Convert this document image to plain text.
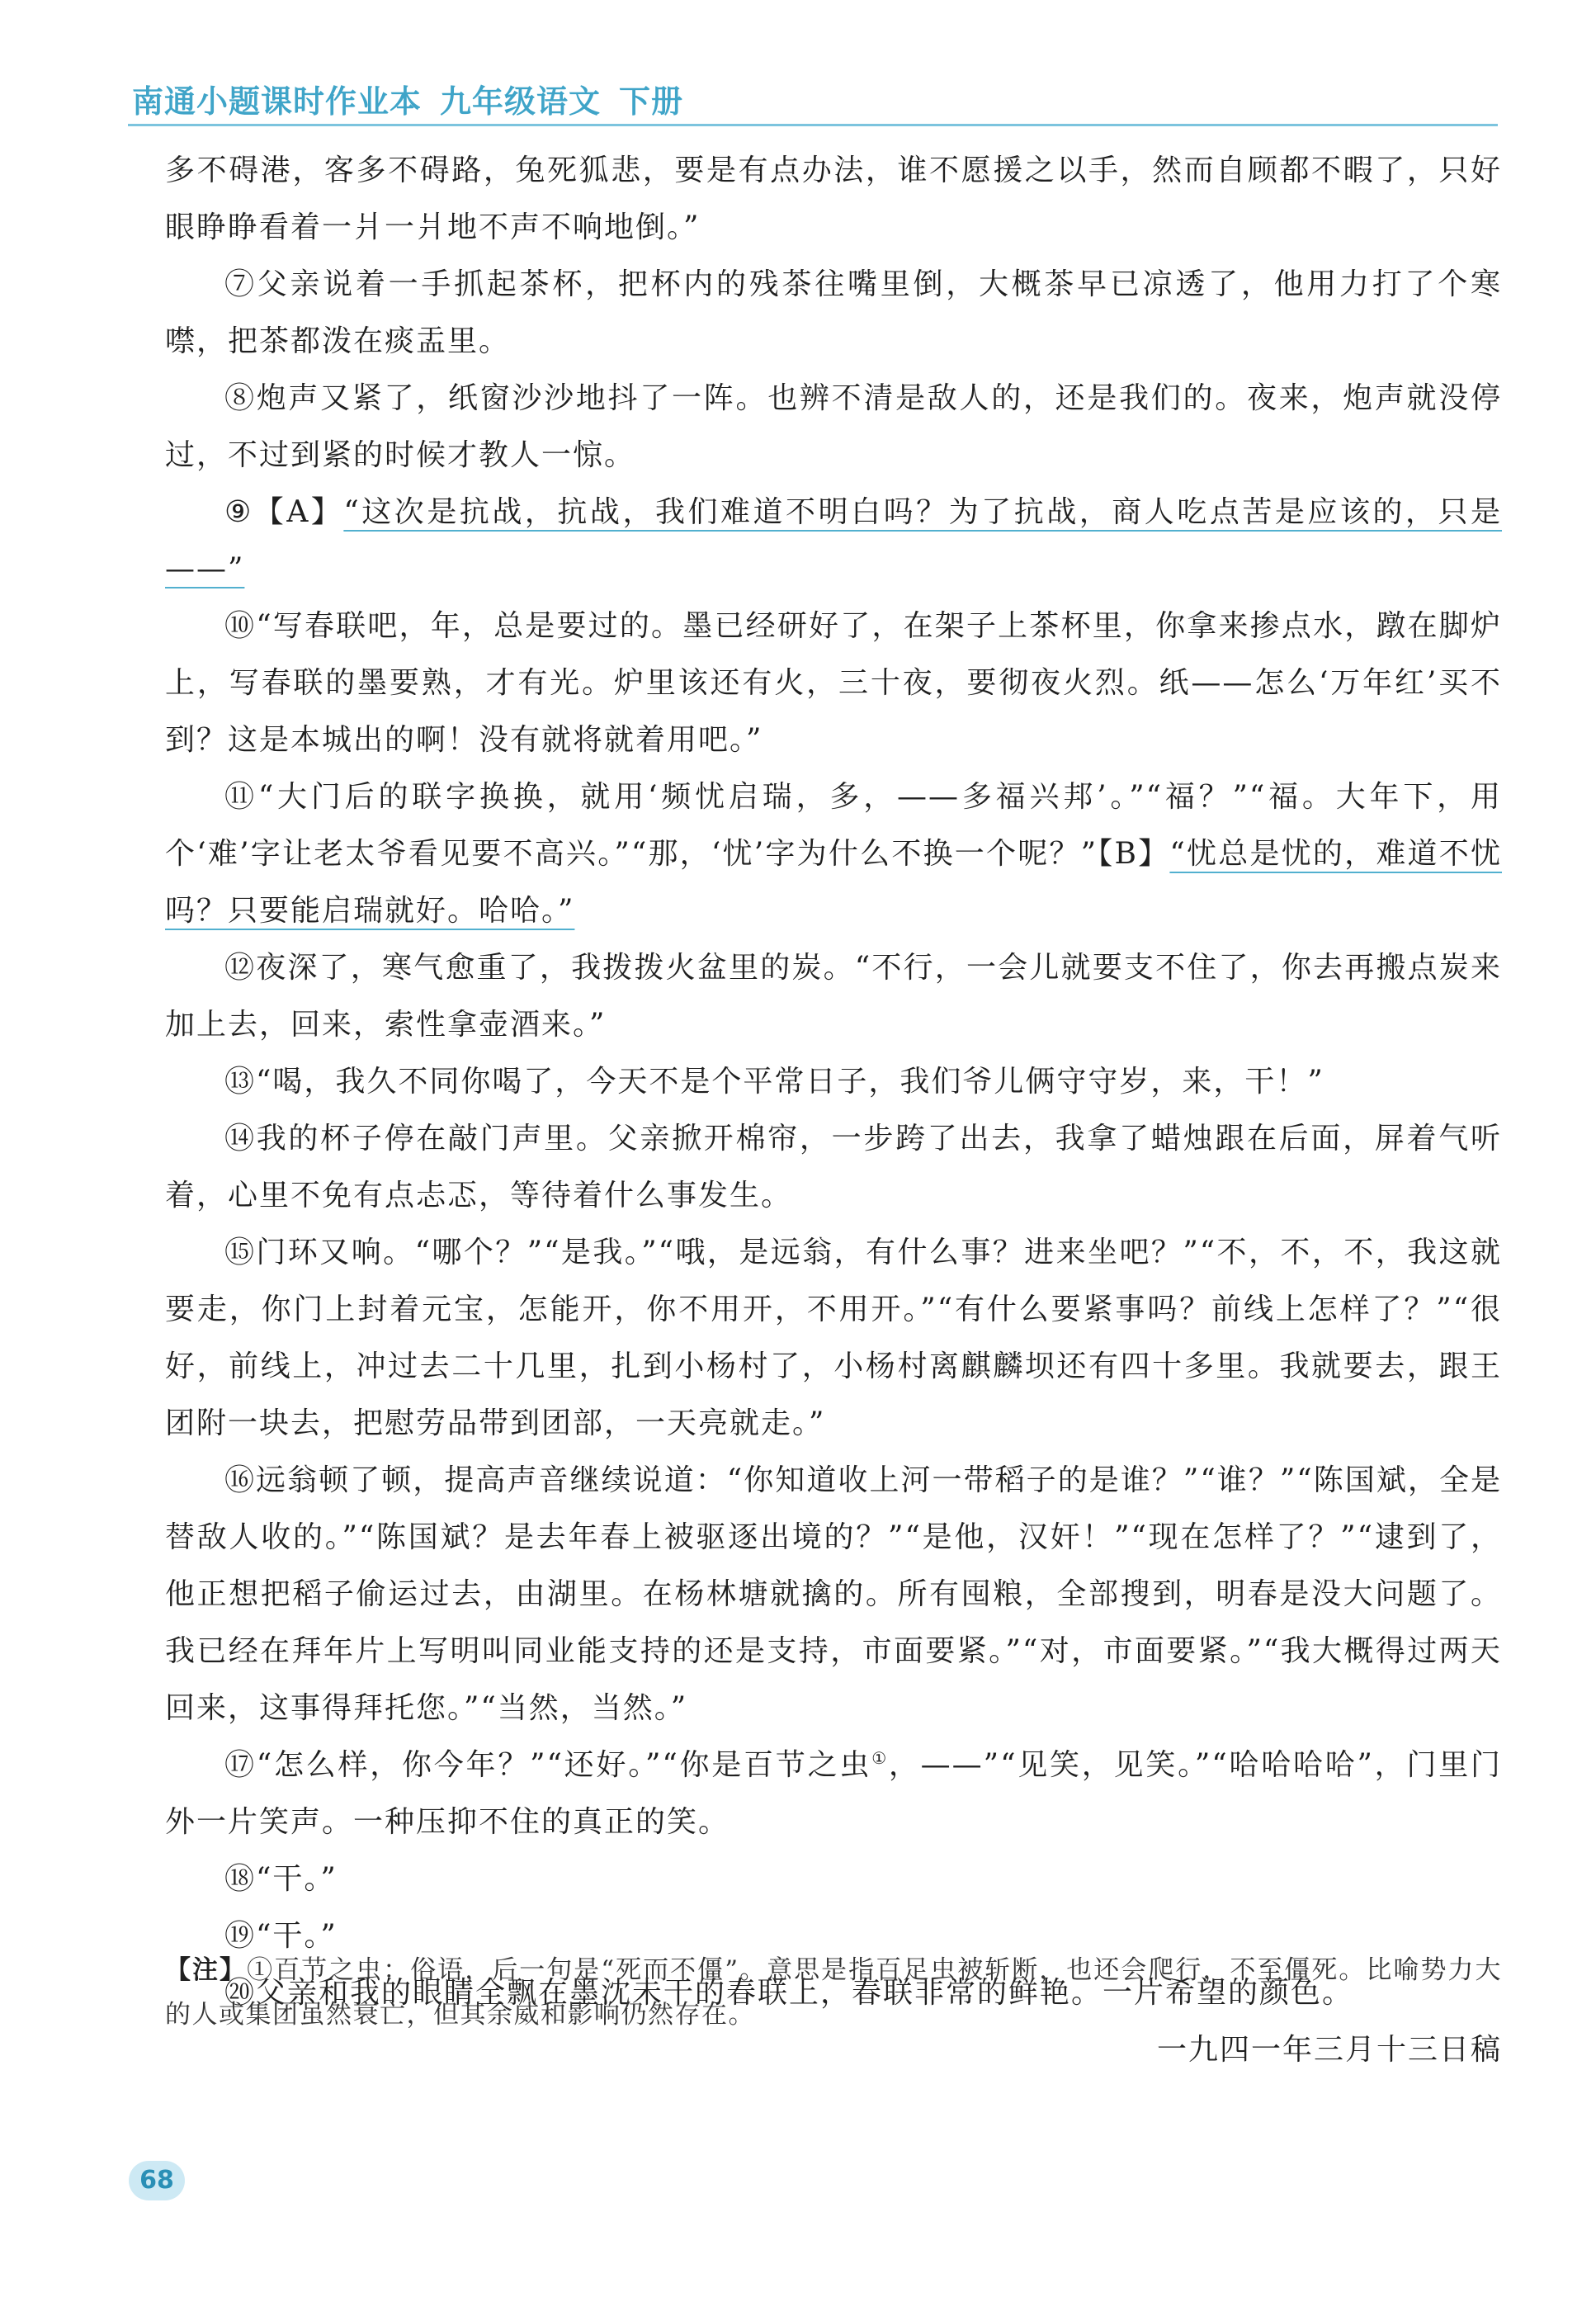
南通小题课时作业本 九年级语文 下册

多不碍港，客多不碍路，兔死狐悲，要是有点办法，谁不愿援之以手，然而自顾都不暇了，只好眼睁睁看着一爿一爿地不声不响地倒。”

⑦父亲说着一手抓起茶杯，把杯内的残茶往嘴里倒，大概茶早已凉透了，他用力打了个寒噤，把茶都泼在痰盂里。

⑧炮声又紧了，纸窗沙沙地抖了一阵。也辨不清是敌人的，还是我们的。夜来，炮声就没停过，不过到紧的时候才教人一惊。

⑨【A】“这次是抗战，抗战，我们难道不明白吗？为了抗战，商人吃点苦是应该的，只是——”

⑩“写春联吧，年，总是要过的。墨已经研好了，在架子上茶杯里，你拿来掺点水，蹾在脚炉上，写春联的墨要熟，才有光。炉里该还有火，三十夜，要彻夜火烈。纸——怎么‘万年红’买不到？这是本城出的啊！没有就将就着用吧。”

⑪“大门后的联字换换，就用‘频忧启瑞，多，——多福兴邦’。”“福？”“福。大年下，用个‘难’字让老太爷看见要不高兴。”“那，‘忧’字为什么不换一个呢？”【B】“忧总是忧的，难道不忧吗？只要能启瑞就好。哈哈。”

⑫夜深了，寒气愈重了，我拨拨火盆里的炭。“不行，一会儿就要支不住了，你去再搬点炭来加上去，回来，索性拿壶酒来。”

⑬“喝，我久不同你喝了，今天不是个平常日子，我们爷儿俩守守岁，来，干！”

⑭我的杯子停在敲门声里。父亲掀开棉帘，一步跨了出去，我拿了蜡烛跟在后面，屏着气听着，心里不免有点忐忑，等待着什么事发生。

⑮门环又响。“哪个？”“是我。”“哦，是远翁，有什么事？进来坐吧？”“不，不，不，我这就要走，你门上封着元宝，怎能开，你不用开，不用开。”“有什么要紧事吗？前线上怎样了？”“很好，前线上，冲过去二十几里，扎到小杨村了，小杨村离麒麟坝还有四十多里。我就要去，跟王团附一块去，把慰劳品带到团部，一天亮就走。”

⑯远翁顿了顿，提高声音继续说道：“你知道收上河一带稻子的是谁？”“谁？”“陈国斌，全是替敌人收的。”“陈国斌？是去年春上被驱逐出境的？”“是他，汉奸！”“现在怎样了？”“逮到了，他正想把稻子偷运过去，由湖里。在杨林塘就擒的。所有囤粮，全部搜到，明春是没大问题了。我已经在拜年片上写明叫同业能支持的还是支持，市面要紧。”“对，市面要紧。”“我大概得过两天回来，这事得拜托您。”“当然，当然。”

⑰“怎么样，你今年？”“还好。”“你是百节之虫①，——”“见笑，见笑。”“哈哈哈哈”，门里门外一片笑声。一种压抑不住的真正的笑。

⑱“干。”

⑲“干。”

⑳父亲和我的眼睛全飘在墨沈未干的春联上，春联非常的鲜艳。一片希望的颜色。

一九四一年三月十三日稿

【注】①百节之虫：俗语，后一句是“死而不僵”。意思是指百足虫被斩断，也还会爬行，不至僵死。比喻势力大的人或集团虽然衰亡，但其余威和影响仍然存在。

68
